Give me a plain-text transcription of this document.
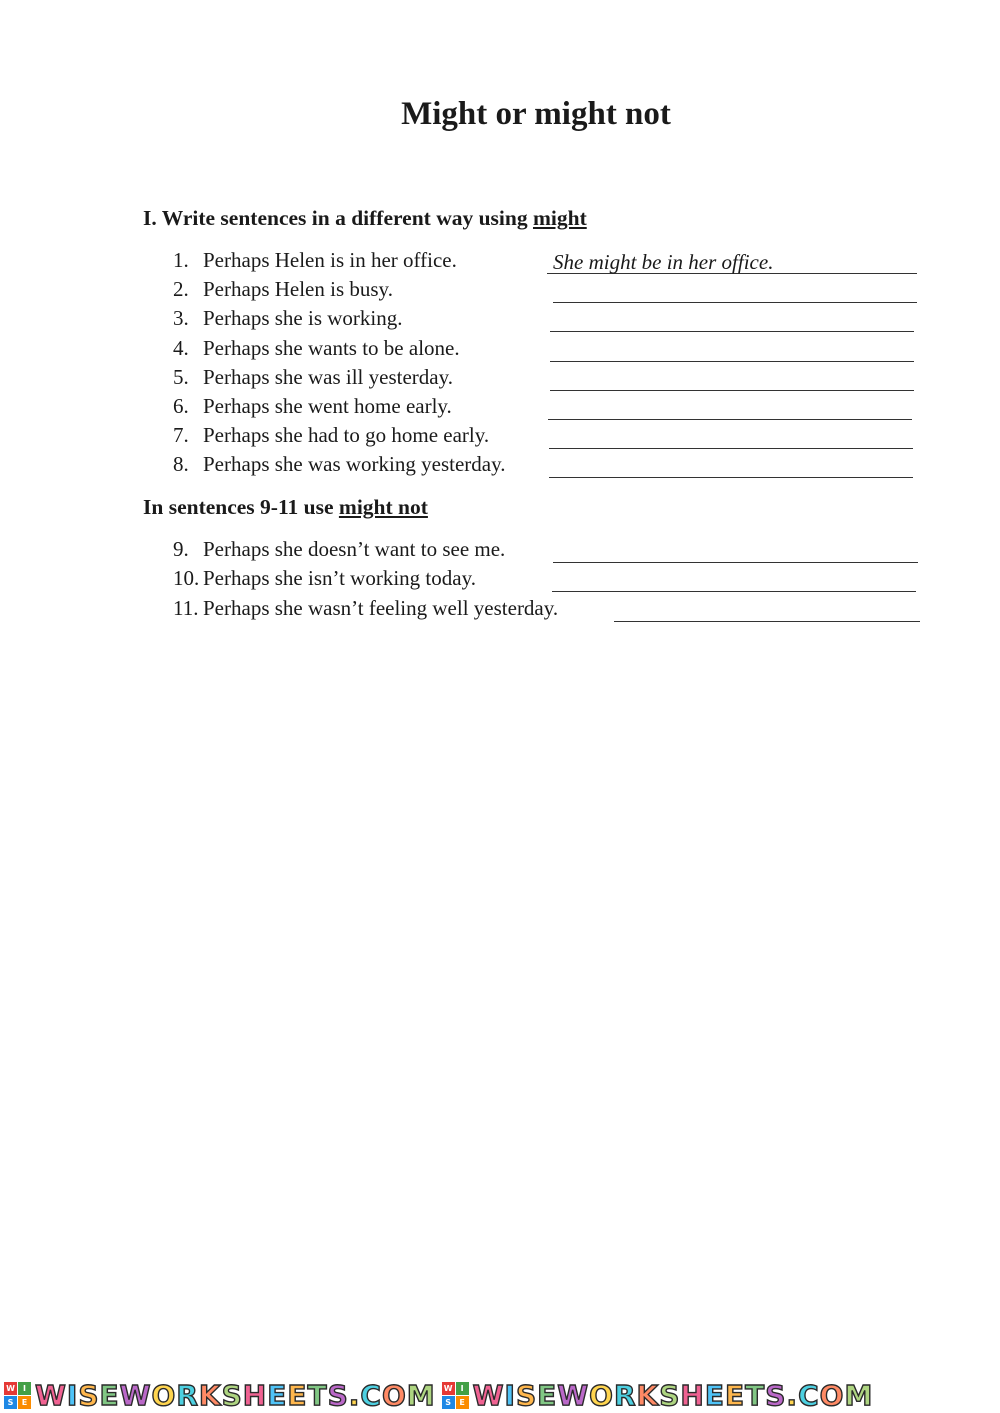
Might or might not
I. Write sentences in a different way using might
1. Perhaps Helen is in her office.	She might be in her office.
2. Perhaps Helen is busy.
3. Perhaps she is working.
4. Perhaps she wants to be alone.
5. Perhaps she was ill yesterday.
6. Perhaps she went home early.
7. Perhaps she had to go home early.
8. Perhaps she was working yesterday.
9. Perhaps she doesn’t want to see me.
10. Perhaps she isn’t working today.
11. Perhaps she wasn’t feeling well yesterday.
In sentences 9-11 use might not
W	I
S	E W I S E W O R K S H E E T S . C O M W	I
S	E W I S E W O R K S H E E T S . C O M
